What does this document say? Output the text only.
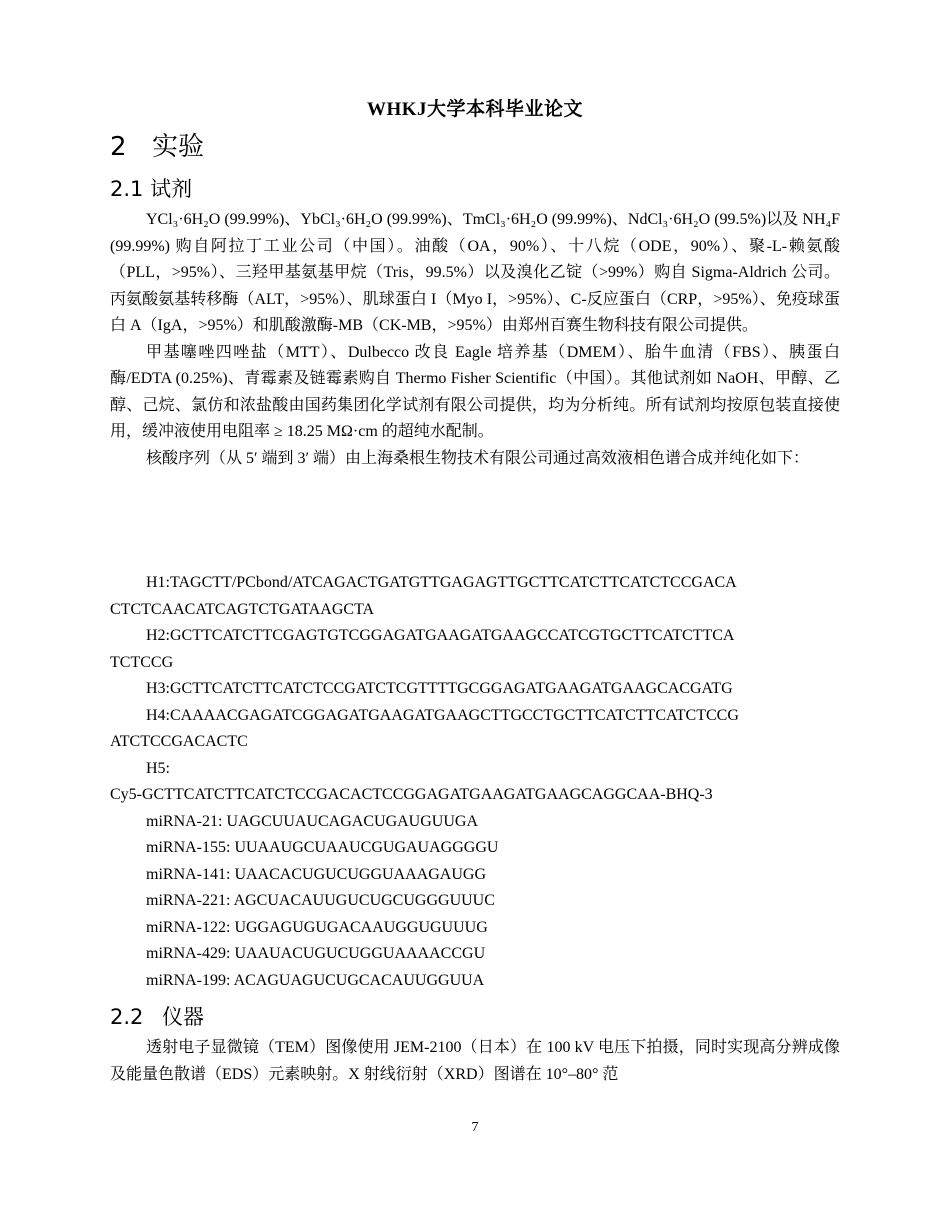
WHKJ大学本科毕业论文
2 实验
2.1 试剂

YCl₃·6H₂O (99.99%)、YbCl₃·6H₂O (99.99%)、TmCl₃·6H₂O (99.99%)、NdCl₃·6H₂O (99.5%)以及 NH₄F (99.99%) 购自阿拉丁工业公司（中国）。油酸（OA，90%）、十八烷（ODE，90%）、聚-L-赖氨酸（PLL，>95%）、三羟甲基氨基甲烷（Tris，99.5%）以及溴化乙锭（>99%）购自 Sigma-Aldrich 公司。丙氨酸氨基转移酶（ALT，>95%）、肌球蛋白 I（Myo I，>95%）、C-反应蛋白（CRP，>95%）、免疫球蛋白 A（IgA，>95%）和肌酸激酶-MB（CK-MB，>95%）由郑州百赛生物科技有限公司提供。

甲基噻唑四唑盐（MTT）、Dulbecco 改良 Eagle 培养基（DMEM）、胎牛血清（FBS）、胰蛋白酶/EDTA (0.25%)、青霉素及链霉素购自 Thermo Fisher Scientific（中国）。其他试剂如 NaOH、甲醇、乙醇、己烷、氯仿和浓盐酸由国药集团化学试剂有限公司提供，均为分析纯。所有试剂均按原包装直接使用，缓冲液使用电阻率 ≥ 18.25 MΩ·cm 的超纯水配制。

核酸序列（从 5′ 端到 3′ 端）由上海桑根生物技术有限公司通过高效液相色谱合成并纯化如下：

H1:TAGCTT/PCbond/ATCAGACTGATGTTGAGAGTTGCTTCATCTTCATCTCCGACA
CTCTCAACATCAGTCTGATAAGCTA
H2:GCTTCATCTTCGAGTGTCGGAGATGAAGATGAAGCCATCGTGCTTCATCTTCA
TCTCCG
H3:GCTTCATCTTCATCTCCGATCTCGTTTTGCGGAGATGAAGATGAAGCACGATG
H4:CAAAACGAGATCGGAGATGAAGATGAAGCTTGCCTGCTTCATCTTCATCTCCG
ATCTCCGACACTC
H5:
Cy5-GCTTCATCTTCATCTCCGACACTCCGGAGATGAAGATGAAGCAGGCAA-BHQ-3
miRNA-21: UAGCUUAUCAGACUGAUGUUGA
miRNA-155: UUAAUGCUAAUCGUGAUAGGGGU
miRNA-141: UAACACUGUCUGGUAAAGAUGG
miRNA-221: AGCUACAUUGUCUGCUGGGUUUC
miRNA-122: UGGAGUGUGACAAUGGUGUUUG
miRNA-429: UAAUACUGUCUGGUAAAACCGU
miRNA-199: ACAGUAGUCUGCACAUUGGUUA
2.2 仪器

透射电子显微镜（TEM）图像使用 JEM-2100（日本）在 100 kV 电压下拍摄，同时实现高分辨成像及能量色散谱（EDS）元素映射。X 射线衍射（XRD）图谱在 10°–80° 范

7
